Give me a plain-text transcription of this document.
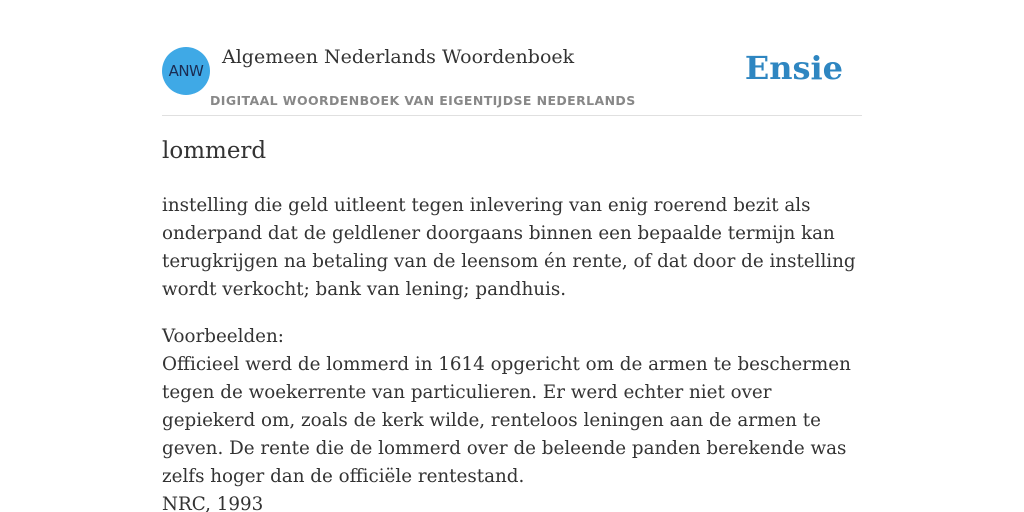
ANW
Algemeen Nederlands Woordenboek
DIGITAAL WOORDENBOEK VAN EIGENTIJDSE NEDERLANDS
Ensie
lommerd

instelling die geld uitleent tegen inlevering van enig roerend bezit als onderpand dat de geldlener doorgaans binnen een bepaalde termijn kan terugkrijgen na betaling van de leensom én rente, of dat door de instelling wordt verkocht; bank van lening; pandhuis.

Voorbeelden:
Officieel werd de lommerd in 1614 opgericht om de armen te beschermen tegen de woekerrente van particulieren. Er werd echter niet over gepiekerd om, zoals de kerk wilde, renteloos leningen aan de armen te geven. De rente die de lommerd over de beleende panden berekende was zelfs hoger dan de officiële rentestand.
NRC, 1993
